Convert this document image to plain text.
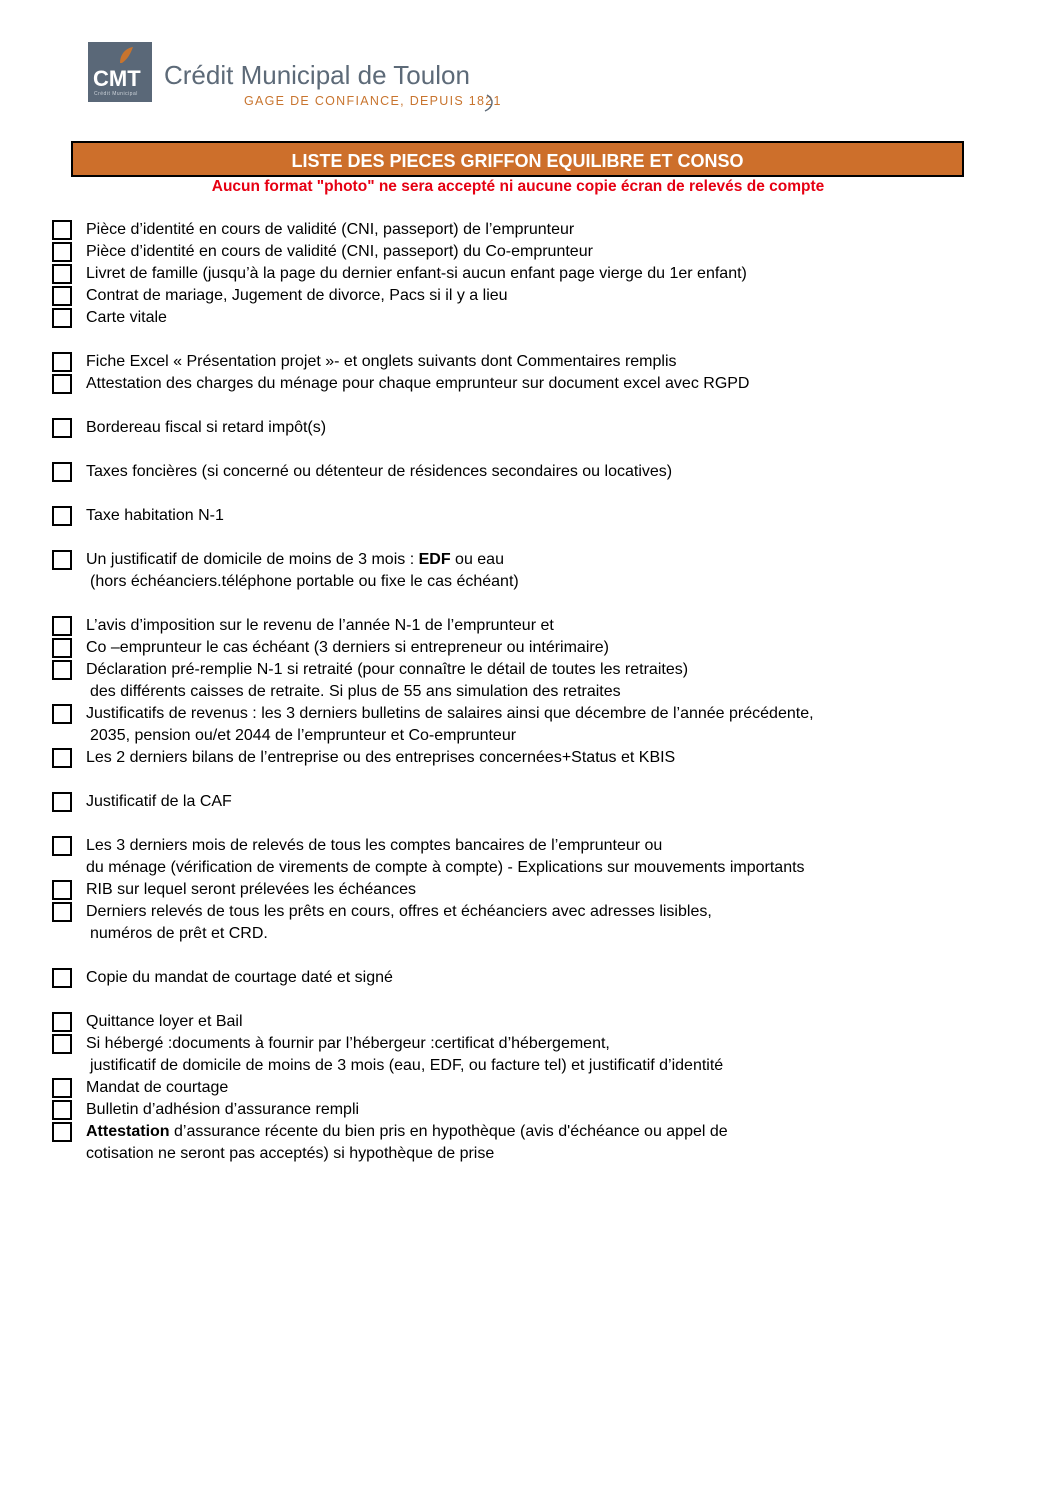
CMT
Crédit Municipal
Crédit Municipal de Toulon
GAGE DE CONFIANCE, DEPUIS 1821
LISTE DES PIECES GRIFFON EQUILIBRE ET CONSO
Aucun format "photo" ne sera accepté ni aucune copie écran de relevés de compte
Pièce d’identité en cours de validité (CNI, passeport) de l’emprunteur
Pièce d’identité en cours de validité (CNI, passeport) du Co-emprunteur
Livret de famille (jusqu’à la page du dernier enfant-si aucun enfant page vierge du 1er enfant)
Contrat de mariage, Jugement de divorce, Pacs si il y a lieu
Carte vitale
Fiche Excel « Présentation projet »- et onglets suivants dont Commentaires remplis
Attestation des charges du ménage pour chaque emprunteur sur document excel avec RGPD
Bordereau fiscal si retard impôt(s)
Taxes foncières (si concerné ou détenteur de résidences secondaires ou locatives)
Taxe habitation N-1
Un justificatif de domicile de moins de 3 mois : EDF ou eau
(hors échéanciers.téléphone portable ou fixe le cas échéant)
L’avis d’imposition sur le revenu de l’année N-1 de l’emprunteur et
Co –emprunteur le cas échéant (3 derniers si entrepreneur ou intérimaire)
Déclaration pré-remplie N-1 si retraité (pour connaître le détail de toutes les retraites)
des différents caisses de retraite. Si plus de 55 ans simulation des retraites
Justificatifs de revenus : les 3 derniers bulletins de salaires ainsi que décembre de l’année précédente,
2035, pension ou/et 2044 de l’emprunteur et Co-emprunteur
Les 2 derniers bilans de l’entreprise ou des entreprises concernées+Status et KBIS
Justificatif de la CAF
Les 3 derniers mois de relevés de tous les comptes bancaires de l’emprunteur ou
du ménage (vérification de virements de compte à compte) - Explications sur mouvements importants
RIB sur lequel seront prélevées les échéances
Derniers relevés de tous les prêts en cours, offres et échéanciers avec adresses lisibles,
numéros de prêt et CRD.
Copie du mandat de courtage daté et signé
Quittance loyer et Bail
Si hébergé :documents à fournir par l’hébergeur :certificat d’hébergement,
justificatif de domicile de moins de 3 mois (eau, EDF, ou facture tel) et justificatif d’identité
Mandat de courtage
Bulletin d’adhésion d’assurance rempli
Attestation d’assurance récente du bien pris en hypothèque (avis d'échéance ou appel de
cotisation ne seront pas acceptés) si hypothèque de prise
